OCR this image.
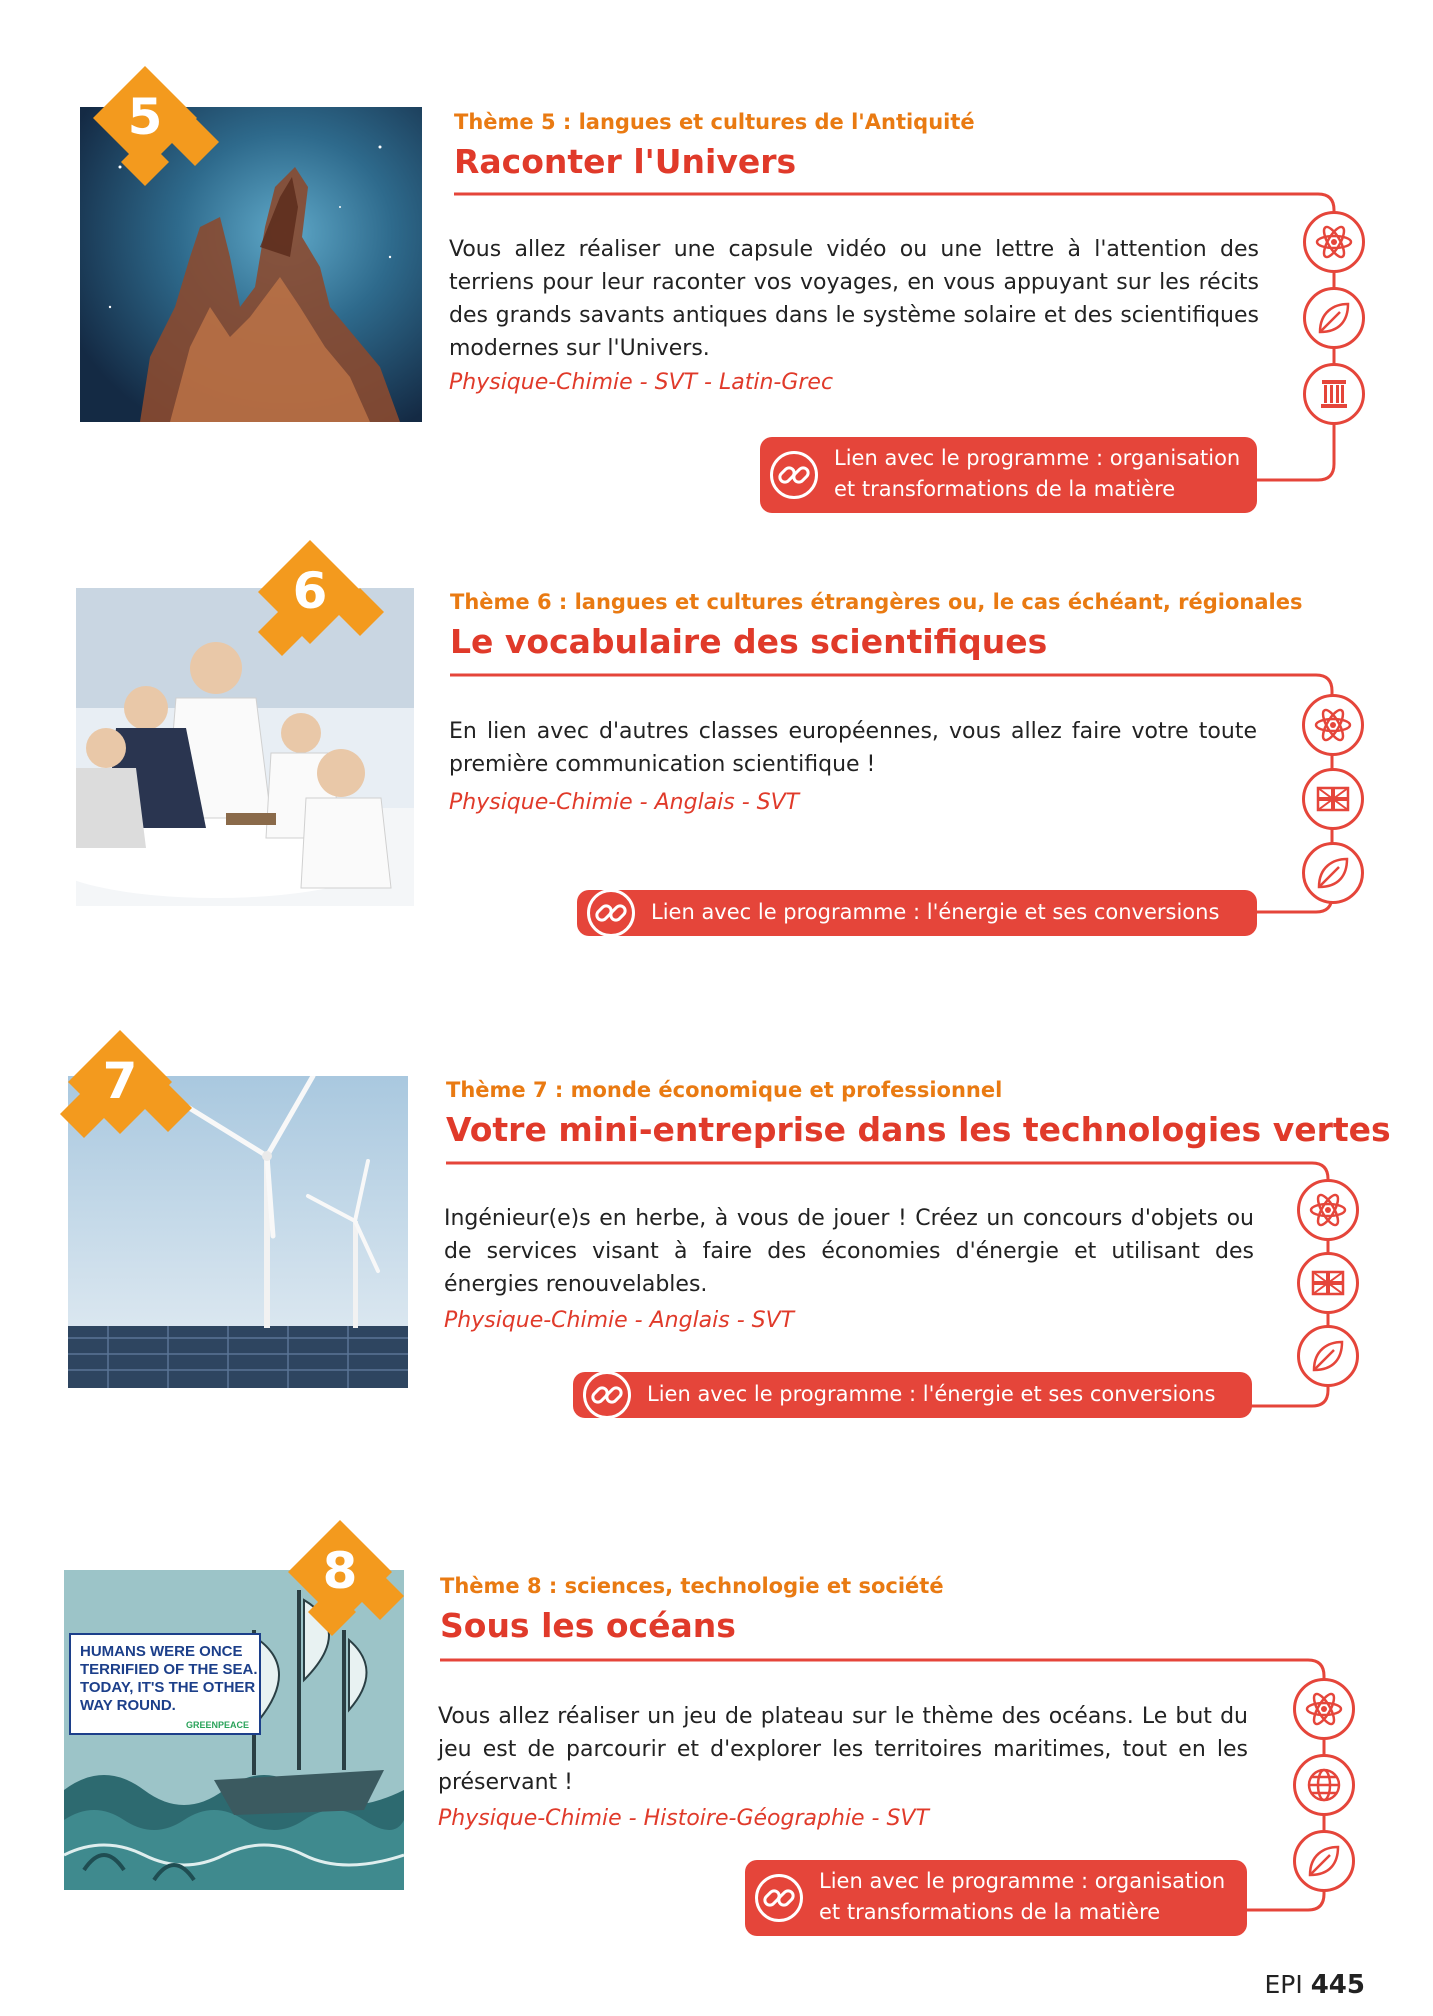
5	Thème 5 : langues et cultures de l'Antiquité
Raconter l'Univers
Vous allez réaliser une capsule vidéo ou une lettre à l'attention des terriens pour leur raconter vos voyages, en vous appuyant sur les récits des grands savants antiques dans le système solaire et des scientifiques modernes sur l'Univers.
Physique-Chimie - SVT - Latin-Grec
Lien avec le programme : organisation
et transformations de la matière
6	Thème 6 : langues et cultures étrangères ou, le cas échéant, régionales
Le vocabulaire des scientifiques
En lien avec d'autres classes européennes, vous allez faire votre toute première communication scientifique !
Physique-Chimie - Anglais - SVT
Lien avec le programme : l'énergie et ses conversions
7	Thème 7 : monde économique et professionnel
Votre mini-entreprise dans les technologies vertes
Ingénieur(e)s en herbe, à vous de jouer ! Créez un concours d'objets ou de services visant à faire des économies d'énergie et utilisant des énergies renouvelables.
Physique-Chimie - Anglais - SVT
Lien avec le programme : l'énergie et ses conversions
HUMANS WERE ONCE
TERRIFIED OF THE SEA.
TODAY, IT'S THE OTHER
WAY ROUND.
GREENPEACE
8	Thème 8 : sciences, technologie et société
Sous les océans
Vous allez réaliser un jeu de plateau sur le thème des océans. Le but du jeu est de parcourir et d'explorer les territoires maritimes, tout en les préservant !
Physique-Chimie - Histoire-Géographie - SVT
Lien avec le programme : organisation
et transformations de la matière
EPI 445
